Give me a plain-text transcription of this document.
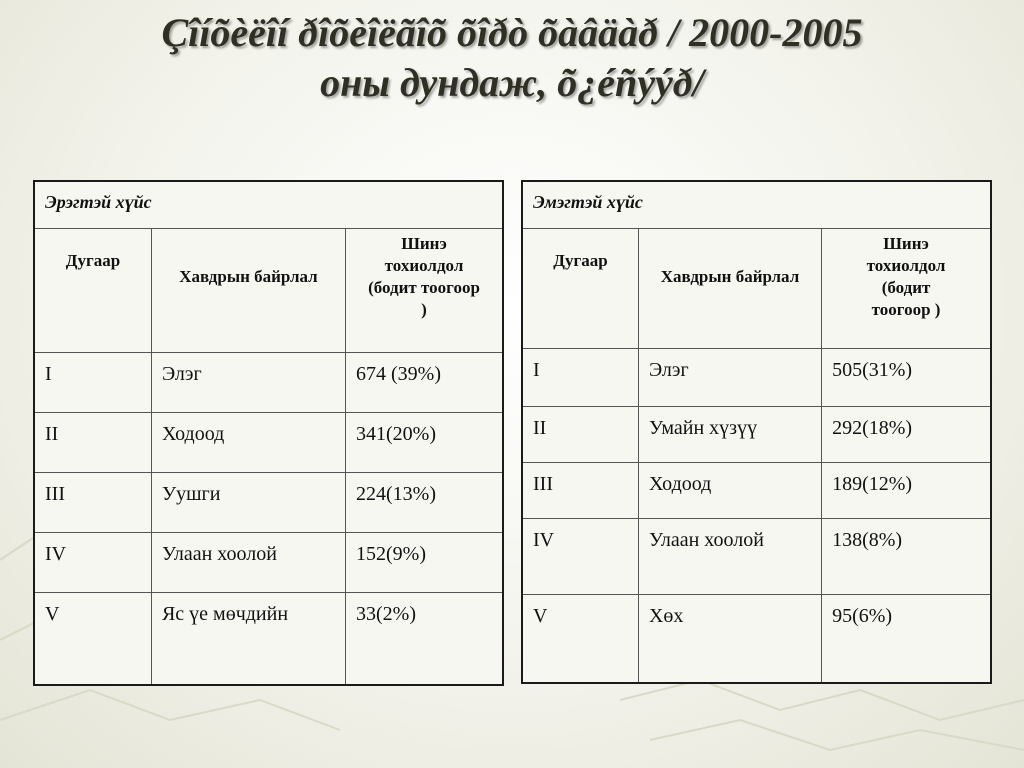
Çîíõèëîí ðîõèîëãîõ õîðò õàâäàð / 2000-2005
оны дундаж, õ¿éñýýð/
Эрэгтэй хүйс		
Дугаар	Хавдрын байрлал	Шинэ
тохиолдол
(бодит тоогоор
)

I	Элэг	674 (39%)
II	Ходоод	341(20%)
III	Уушги	224(13%)
IV	Улаан хоолой	152(9%)
V	Яс үе мөчдийн	33(2%)
Эмэгтэй хүйс		
Дугаар	Хавдрын байрлал	Шинэ
тохиолдол
(бодит
тоогоор )

I	Элэг	505(31%)
II	Умайн хүзүү	292(18%)
III	Ходоод	189(12%)
IV	Улаан хоолой	138(8%)
V	Хөх	95(6%)
